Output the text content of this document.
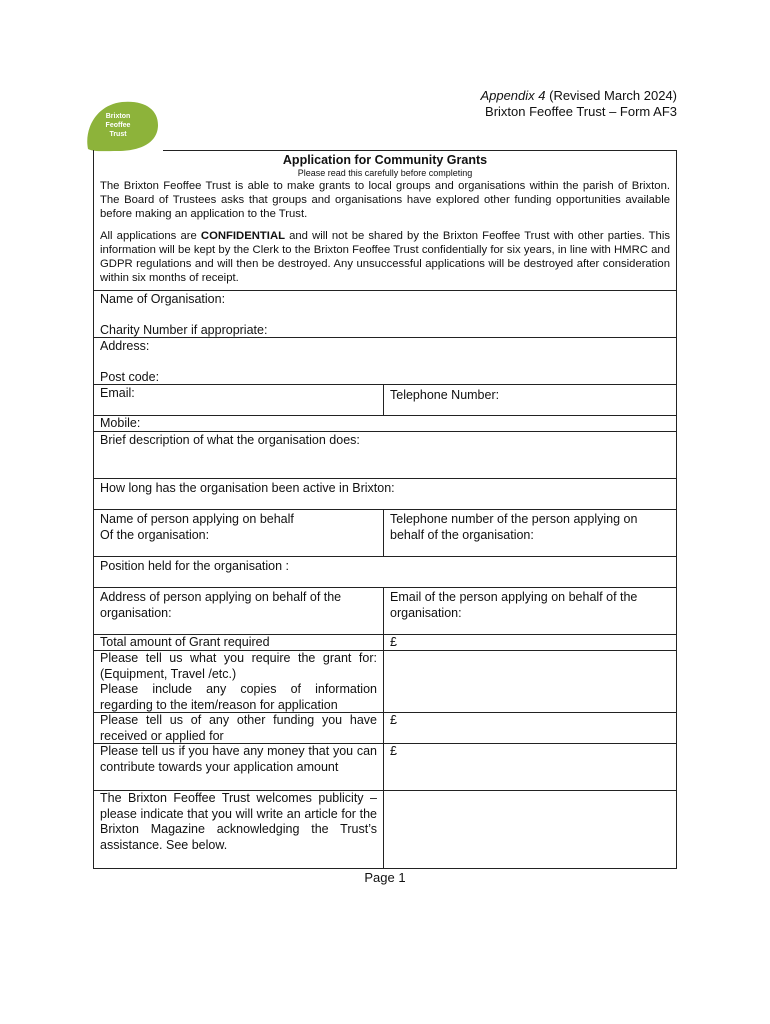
Brixton
Feoffee
Trust
Appendix 4 (Revised March 2024)
Brixton Feoffee Trust – Form AF3
Application for Community Grants
Please read this carefully before completing

The Brixton Feoffee Trust is able to make grants to local groups and organisations within the parish of Brixton. The Board of Trustees asks that groups and organisations have explored other funding opportunities available before making an application to the Trust.

All applications are CONFIDENTIAL and will not be shared by the Brixton Feoffee Trust with other parties. This information will be kept by the Clerk to the Brixton Feoffee Trust confidentially for six years, in line with HMRC and GDPR regulations and will then be destroyed. Any unsuccessful applications will be destroyed after consideration within six months of receipt.

Name of Organisation:
Charity Number if appropriate:
Address:
Post code:
Email:	Telephone Number:
Mobile:
Brief description of what the organisation does:
How long has the organisation been active in Brixton:
Name of person applying on behalf
Of the organisation:
Telephone number of the person applying on behalf of the organisation:
Position held for the organisation :
Address of person applying on behalf of the organisation:
Email of the person applying on behalf of the organisation:
Total amount of Grant required	£
Please tell us what you require the grant for: (Equipment, Travel /etc.)
Please include any copies of information regarding to the item/reason for application
Please tell us of any other funding you have received or applied for
£
Please tell us if you have any money that you can contribute towards your application amount
£
The Brixton Feoffee Trust welcomes publicity – please indicate that you will write an article for the Brixton Magazine acknowledging the Trust’s assistance. See below.
Page 1
